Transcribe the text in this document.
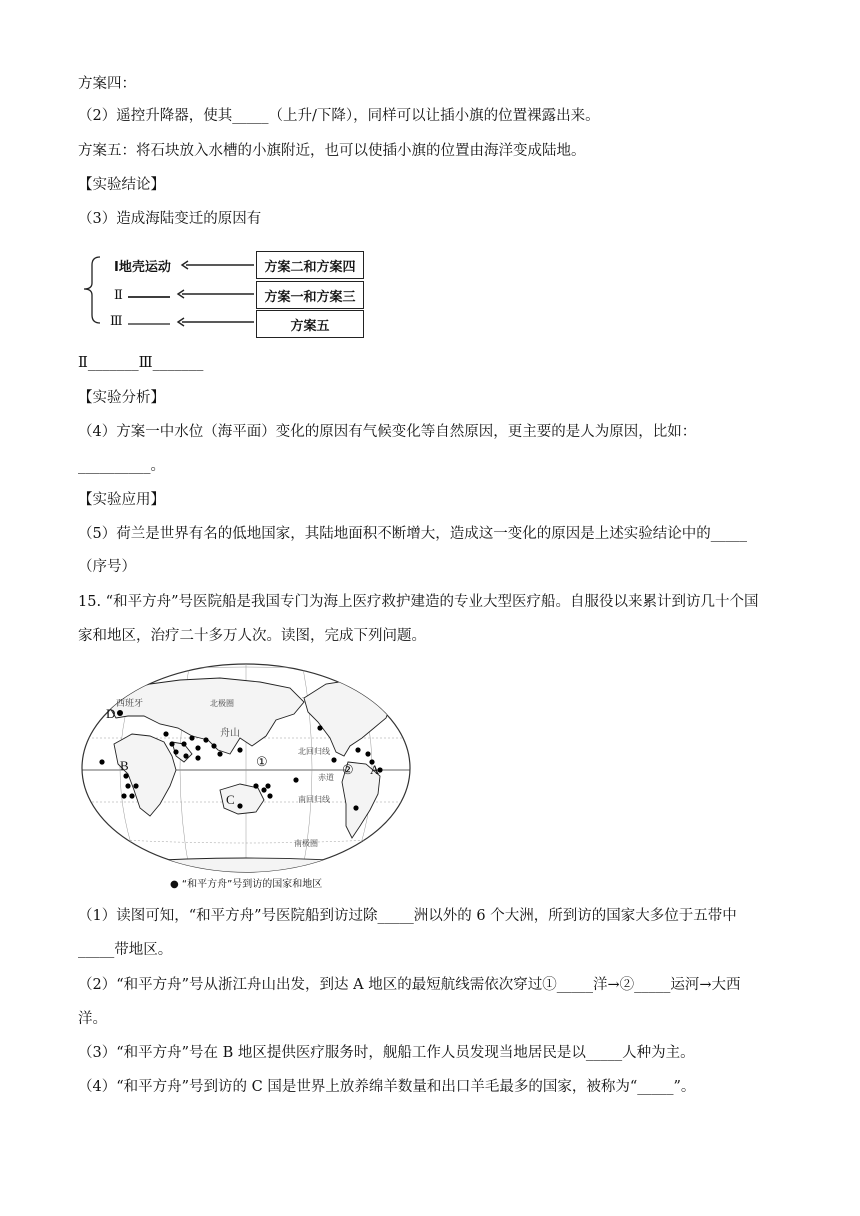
方案四：
（2）遥控升降器，使其_____（上升/下降），同样可以让插小旗的位置裸露出来。
方案五：将石块放入水槽的小旗附近，也可以使插小旗的位置由海洋变成陆地。
【实验结论】
（3）造成海陆变迁的原因有
Ⅰ地壳运动
Ⅱ
Ⅲ
方案二和方案四
方案一和方案三
方案五
Ⅱ_______Ⅲ_______
【实验分析】
（4）方案一中水位（海平面）变化的原因有气候变化等自然原因，更主要的是人为原因，比如：
__________。
【实验应用】
（5）荷兰是世界有名的低地国家，其陆地面积不断增大，造成这一变化的原因是上述实验结论中的_____
（序号）
15. “和平方舟”号医院船是我国专门为海上医疗救护建造的专业大型医疗船。自服役以来累计到访几十个国
家和地区，治疗二十多万人次。读图，完成下列问题。
北极圈
北回归线
赤道
南回归线
南极圈
舟山
西班牙
A
B
C
D
①
②
● “和平方舟”号到访的国家和地区
（1）读图可知，“和平方舟”号医院船到访过除_____洲以外的 6 个大洲，所到访的国家大多位于五带中
_____带地区。
（2）“和平方舟”号从浙江舟山出发，到达 A 地区的最短航线需依次穿过①_____洋→②_____运河→大西
洋。
（3）“和平方舟”号在 B 地区提供医疗服务时，舰船工作人员发现当地居民是以_____人种为主。
（4）“和平方舟”号到访的 C 国是世界上放养绵羊数量和出口羊毛最多的国家，被称为“_____”。
